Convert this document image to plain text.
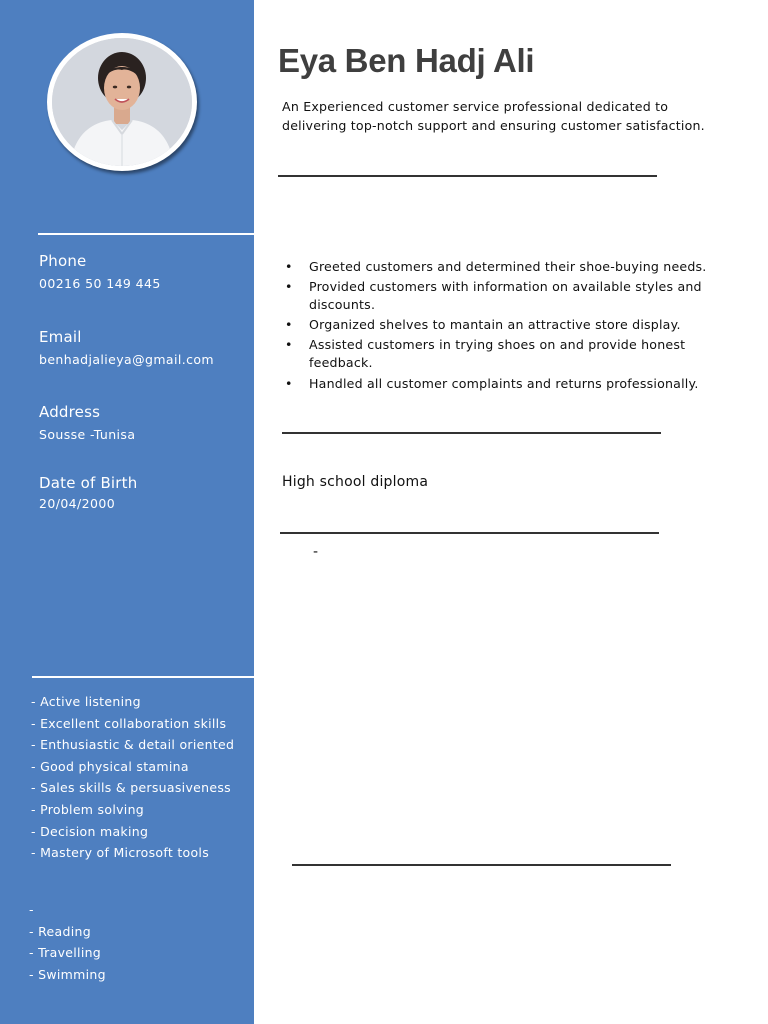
Phone
00216 50 149 445
Email
benhadjalieya@gmail.com
Address
Sousse -Tunisa
Date of Birth
20/04/2000
- Active listening
- Excellent collaboration skills
- Enthusiastic & detail oriented
- Good physical stamina
- Sales skills & persuasiveness
- Problem solving
- Decision making
- Mastery of Microsoft tools
-
- Reading
- Travelling
- Swimming
Eya Ben Hadj Ali
An Experienced customer service professional dedicated to delivering top-notch support and ensuring customer satisfaction.
• Greeted customers and determined their shoe-buying needs.
• Provided customers with information on available styles and discounts.
• Organized shelves to mantain an attractive store display.
• Assisted customers in trying shoes on and provide honest feedback.
• Handled all customer complaints and returns professionally.
High school diploma
-
